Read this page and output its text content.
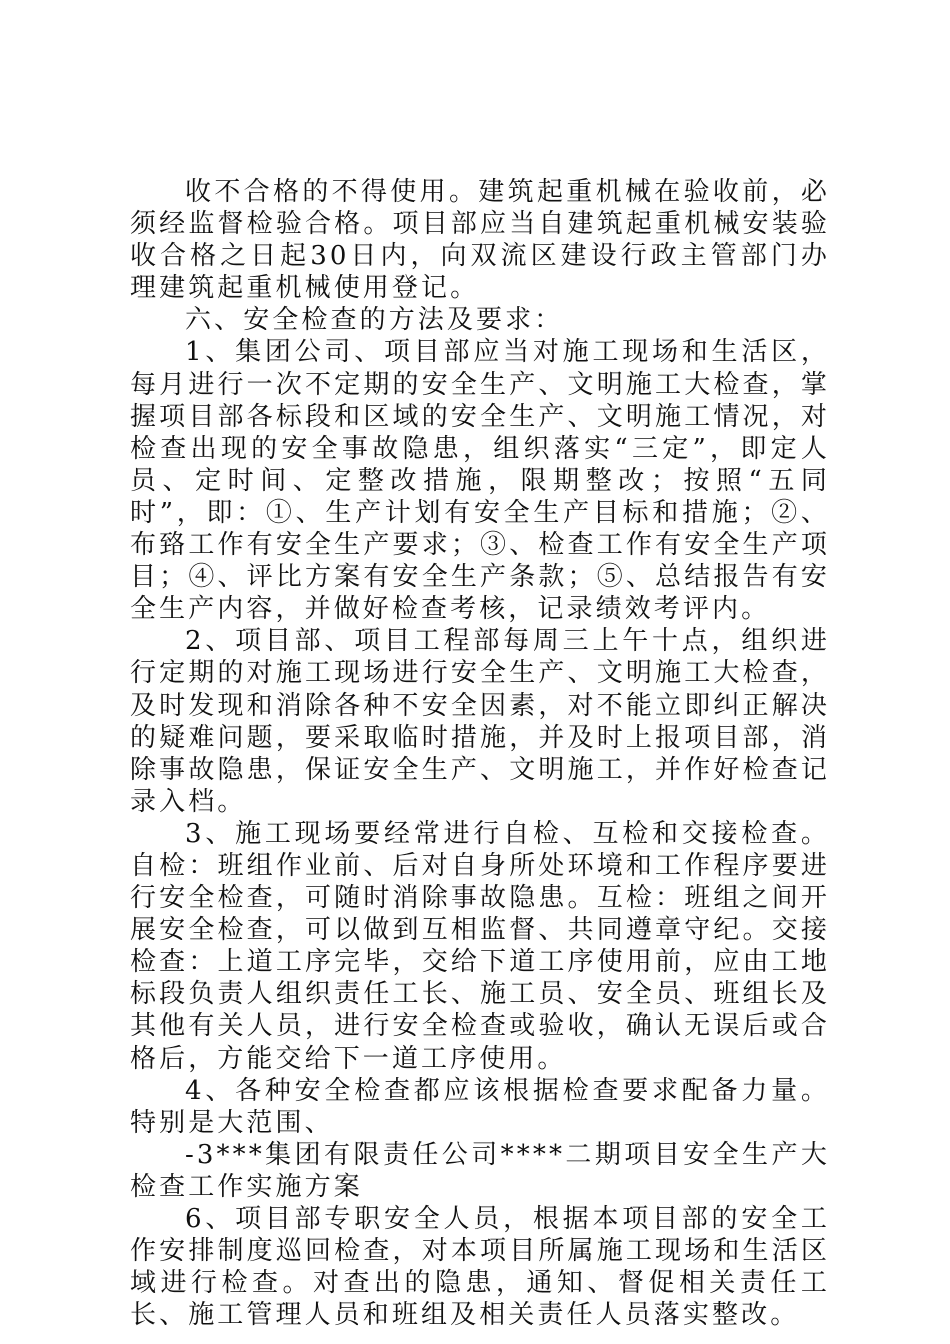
收不合格的不得使用。建筑起重机械在验收前，必须经监督检验合格。项目部应当自建筑起重机械安装验收合格之日起30日内，向双流区建设行政主管部门办理建筑起重机械使用登记。

六、安全检查的方法及要求：

1、集团公司、项目部应当对施工现场和生活区，每月进行一次不定期的安全生产、文明施工大检查，掌握项目部各标段和区域的安全生产、文明施工情况，对检查出现的安全事故隐患，组织落实“三定”，即定人员、定时间、定整改措施，限期整改；按照“五同时”，即：①、生产计划有安全生产目标和措施；②、布臵工作有安全生产要求；③、检查工作有安全生产项目；④、评比方案有安全生产条款；⑤、总结报告有安全生产内容，并做好检查考核，记录绩效考评内。

2、项目部、项目工程部每周三上午十点，组织进行定期的对施工现场进行安全生产、文明施工大检查，及时发现和消除各种不安全因素，对不能立即纠正解决的疑难问题，要采取临时措施，并及时上报项目部，消除事故隐患，保证安全生产、文明施工，并作好检查记录入档。

3、施工现场要经常进行自检、互检和交接检查。自检：班组作业前、后对自身所处环境和工作程序要进行安全检查，可随时消除事故隐患。互检：班组之间开展安全检查，可以做到互相监督、共同遵章守纪。交接检查：上道工序完毕，交给下道工序使用前，应由工地标段负责人组织责任工长、施工员、安全员、班组长及其他有关人员，进行安全检查或验收，确认无误后或合格后，方能交给下一道工序使用。

4、各种安全检查都应该根据检查要求配备力量。特别是大范围、

-3***集团有限责任公司****二期项目安全生产大检查工作实施方案

6、项目部专职安全人员，根据本项目部的安全工作安排制度巡回检查，对本项目所属施工现场和生活区域进行检查。对查出的隐患，通知、督促相关责任工长、施工管理人员和班组及相关责任人员落实整改。
